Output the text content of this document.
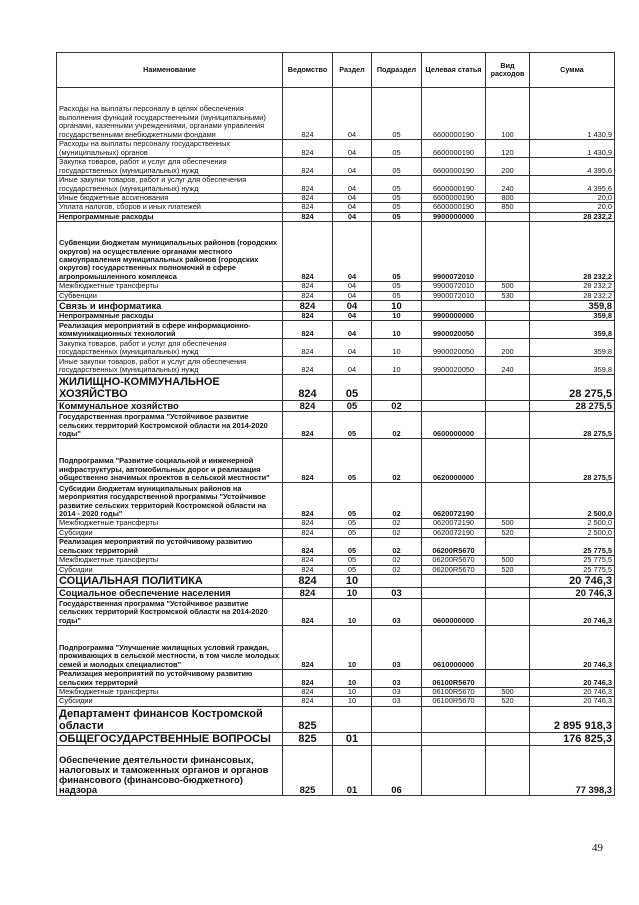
Наименование	Ведомство	Раздел	Подраздел	Целевая статья	Вид расходов	Сумма
Расходы на выплаты персоналу в целях обеспечения выполнения функций государственными (муниципальными) органами, казенными учреждениями, органами управления государственными внебюджетными фондами	824	04	05	6600000190	100	1 430,9
Расходы на выплаты персоналу государственных (муниципальных) органов	824	04	05	6600000190	120	1 430,9
Закупка товаров, работ и услуг для обеспечения государственных (муниципальных) нужд	824	04	05	6600000190	200	4 395,6
Иные закупки товаров, работ и услуг для обеспечения государственных (муниципальных) нужд	824	04	05	6600000190	240	4 395,6
Иные бюджетные ассигнования	824	04	05	6600000190	800	20,0
Уплата налогов, сборов и иных платежей	824	04	05	6600000190	850	20,0
Непрограммные расходы	824	04	05	9900000000		28 232,2
Субвенции бюджетам муниципальных районов (городских округов) на осуществление органами местного самоуправления муниципальных районов (городских округов) государственных полномочий в сфере агропромышленного комплекса	824	04	05	9900072010		28 232,2
Межбюджетные трансферты	824	04	05	9900072010	500	28 232,2
Субвенции	824	04	05	9900072010	530	28 232,2
Связь и информатика	824	04	10			359,8
Непрограммные расходы	824	04	10	9900000000		359,8
Реализация мероприятий в сфере информационно-коммуникационных технологий	824	04	10	9900020050		359,8
Закупка товаров, работ и услуг для обеспечения государственных (муниципальных) нужд	824	04	10	9900020050	200	359,8
Иные закупки товаров, работ и услуг для обеспечения государственных (муниципальных) нужд	824	04	10	9900020050	240	359,8
ЖИЛИЩНО-КОММУНАЛЬНОЕ ХОЗЯЙСТВО	824	05				28 275,5
Коммунальное хозяйство	824	05	02			28 275,5
Государственная программа "Устойчивое развитие сельских территорий Костромской области на 2014-2020 годы"	824	05	02	0600000000		28 275,5
Подпрограмма "Развитие социальной и инженерной инфраструктуры, автомобильных дорог и реализация общественно значимых проектов в сельской местности"	824	05	02	0620000000		28 275,5
Субсидии бюджетам муниципальных районов на мероприятия государственной программы "Устойчивое развитие сельских территорий Костромской области на 2014 - 2020 годы"	824	05	02	0620072190		2 500,0
Межбюджетные трансферты	824	05	02	0620072190	500	2 500,0
Субсидии	824	05	02	0620072190	520	2 500,0
Реализация мероприятий по устойчивому развитию сельских территорий	824	05	02	06200R5670		25 775,5
Межбюджетные трансферты	824	05	02	06200R5670	500	25 775,5
Субсидии	824	05	02	06200R5670	520	25 775,5
СОЦИАЛЬНАЯ ПОЛИТИКА	824	10				20 746,3
Социальное обеспечение населения	824	10	03			20 746,3
Государственная программа "Устойчивое развитие сельских территорий Костромской области на 2014-2020 годы"	824	10	03	0600000000		20 746,3
Подпрограмма "Улучшение жилищных условий граждан, проживающих в сельской местности, в том числе молодых семей и молодых специалистов"	824	10	03	0610000000		20 746,3
Реализация мероприятий по устойчивому развитию сельских территорий	824	10	03	06100R5670		20 746,3
Межбюджетные трансферты	824	10	03	06100R5670	500	20 746,3
Субсидии	824	10	03	06100R5670	520	20 746,3
Департамент финансов Костромской области	825					2 895 918,3
ОБЩЕГОСУДАРСТВЕННЫЕ ВОПРОСЫ	825	01				176 825,3
Обеспечение деятельности финансовых, налоговых и таможенных органов и органов финансового (финансово-бюджетного) надзора	825	01	06			77 398,3
49
